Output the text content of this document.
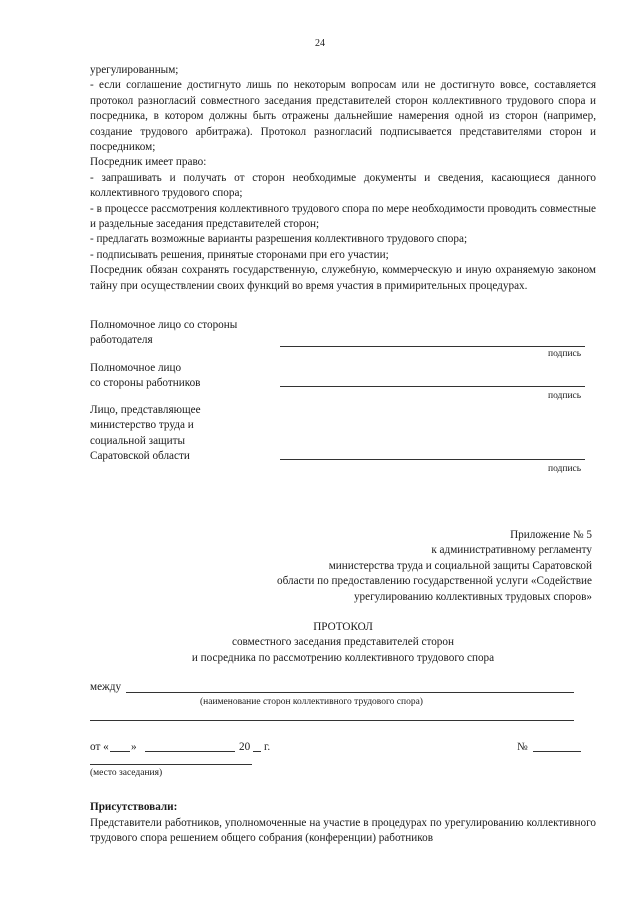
24

урегулированным;

- если соглашение достигнуто лишь по некоторым вопросам или не достигнуто вовсе, составляется протокол разногласий совместного заседания представителей сторон коллективного трудового спора и посредника, в котором должны быть отражены дальнейшие намерения одной из сторон (например, создание трудового арбитража). Протокол разногласий подписывается представителями сторон и посредником;

Посредник имеет право:

- запрашивать и получать от сторон необходимые документы и сведения, касающиеся данного коллективного трудового спора;

- в процессе рассмотрения коллективного трудового спора по мере необходимости проводить совместные и раздельные заседания представителей сторон;

- предлагать возможные варианты разрешения коллективного трудового спора;

- подписывать решения, принятые сторонами при его участии;

Посредник обязан сохранять государственную, служебную, коммерческую и иную охраняемую законом тайну при осуществлении своих функций во время участия в примирительных процедурах.

Полномочное лицо со стороны
работодателя
подпись
Полномочное лицо
со стороны работников
подпись
Лицо, представляющее
министерство труда и
социальной защиты
Саратовской области
подпись
Приложение № 5
к административному регламенту
министерства труда и социальной защиты Саратовской
области по предоставлению государственной услуги «Содействие
урегулированию коллективных трудовых споров»
ПРОТОКОЛ
совместного заседания представителей сторон
и посредника по рассмотрению коллективного трудового спора
между
(наименование сторон коллективного трудового спора)
от « »	20 г.	№
(место заседания)
Присутствовали:

Представители работников, уполномоченные на участие в процедурах по урегулированию коллективного трудового спора решением общего собрания (конференции) работников
